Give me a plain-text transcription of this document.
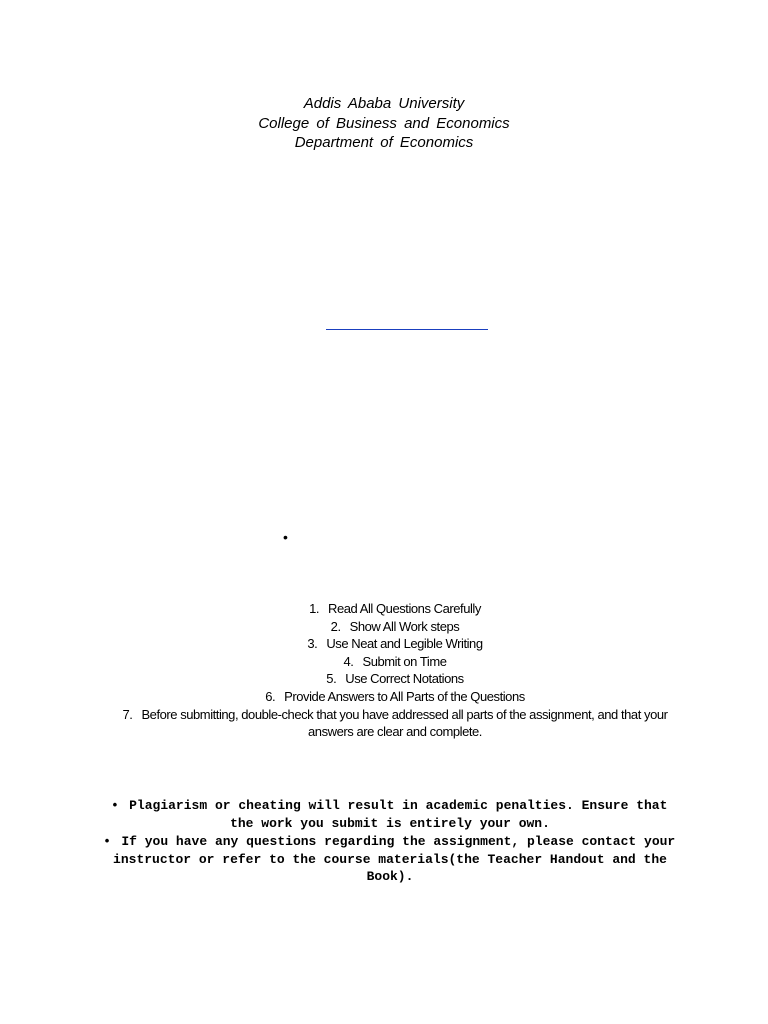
Addis Ababa University
College of Business and Economics
Department of Economics
•
1. Read All Questions Carefully
2. Show All Work steps
3. Use Neat and Legible Writing
4. Submit on Time
5. Use Correct Notations
6. Provide Answers to All Parts of the Questions
7. Before submitting, double-check that you have addressed all parts of the assignment, and that your answers are clear and complete.
• Plagiarism or cheating will result in academic penalties. Ensure that the work you submit is entirely your own.
• If you have any questions regarding the assignment, please contact your instructor or refer to the course materials(the Teacher Handout and the Book).
